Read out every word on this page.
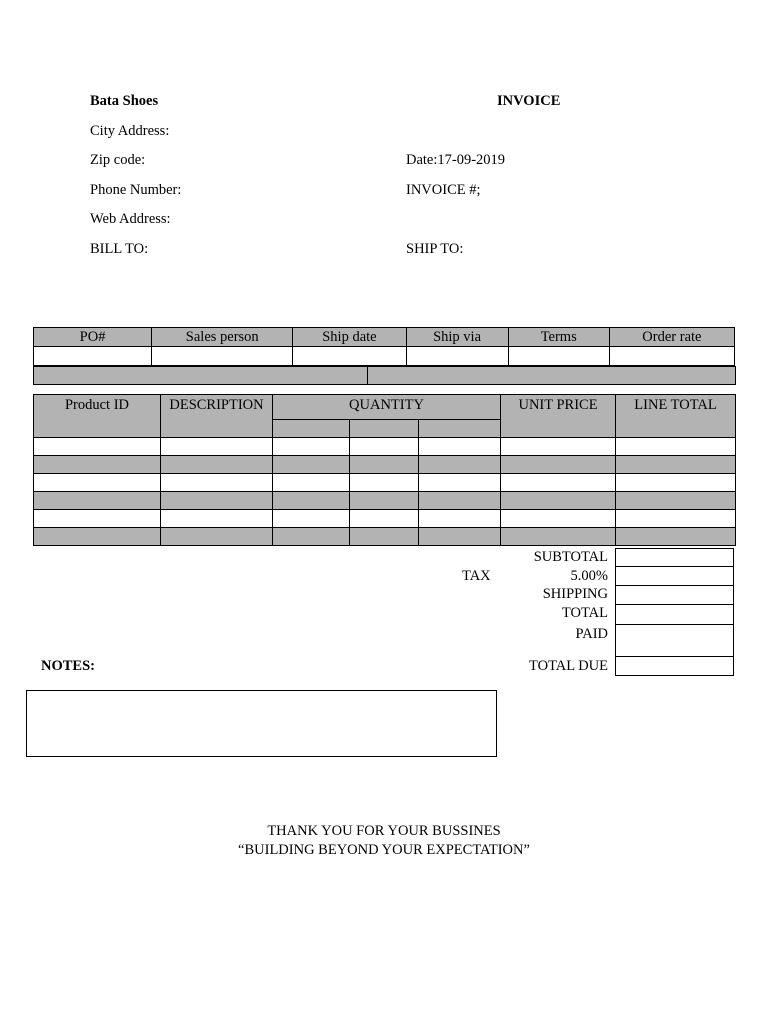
Bata Shoes
City Address:
Zip code:
Phone Number:
Web Address:
BILL TO:
INVOICE
Date:17-09-2019
INVOICE #;
SHIP TO:
PO#	Sales person	Ship date	Ship via	Terms	Order rate

Product ID	DESCRIPTION	QUANTITY			UNIT PRICE	LINE TOTAL

SUBTOTAL
TAX	5.00%
SHIPPING
TOTAL
PAID
NOTES:	TOTAL DUE
THANK YOU FOR YOUR BUSSINES
“BUILDING BEYOND YOUR EXPECTATION”
